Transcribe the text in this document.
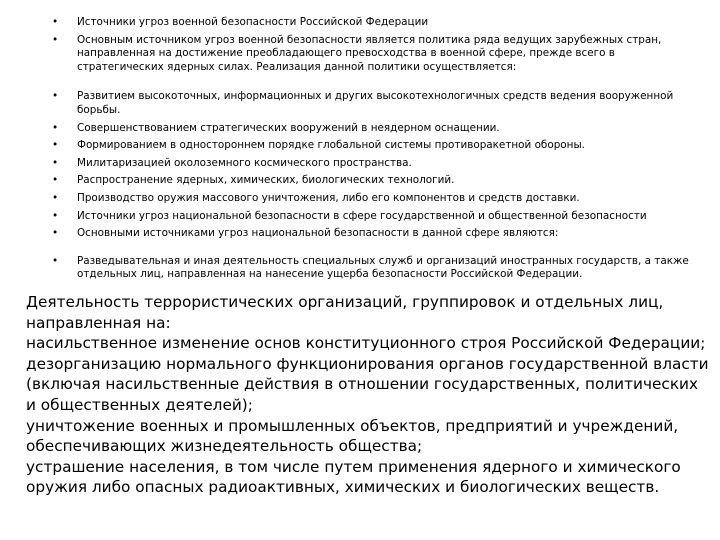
• Источники угроз военной безопасности Российской Федерации
• Основным источником угроз военной безопасности является политика ряда ведущих зарубежных стран, направленная на достижение преобладающего превосходства в военной сфере, прежде всего в стратегических ядерных силах. Реализация данной политики осуществляется:
• Развитием высокоточных, информационных и других высокотехнологичных средств ведения вооруженной борьбы.
• Совершенствованием стратегических вооружений в неядерном оснащении.
• Формированием в одностороннем порядке глобальной системы противоракетной обороны.
• Милитаризацией околоземного космического пространства.
• Распространение ядерных, химических, биологических технологий.
• Производство оружия массового уничтожения, либо его компонентов и средств доставки.
• Источники угроз национальной безопасности в сфере государственной и общественной безопасности
• Основными источниками угроз национальной безопасности в данной сфере являются:
• Разведывательная и иная деятельность специальных служб и организаций иностранных государств, а также отдельных лиц, направленная на нанесение ущерба безопасности Российской Федерации.
Деятельность террористических организаций, группировок и отдельных лиц, направленная на:
насильственное изменение основ конституционного строя Российской Федерации;
дезорганизацию нормального функционирования органов государственной власти (включая насильственные действия в отношении государственных, политических и общественных деятелей);
уничтожение военных и промышленных объектов, предприятий и учреждений, обеспечивающих жизнедеятельность общества;
устрашение населения, в том числе путем применения ядерного и химического оружия либо опасных радиоактивных, химических и биологических веществ.
